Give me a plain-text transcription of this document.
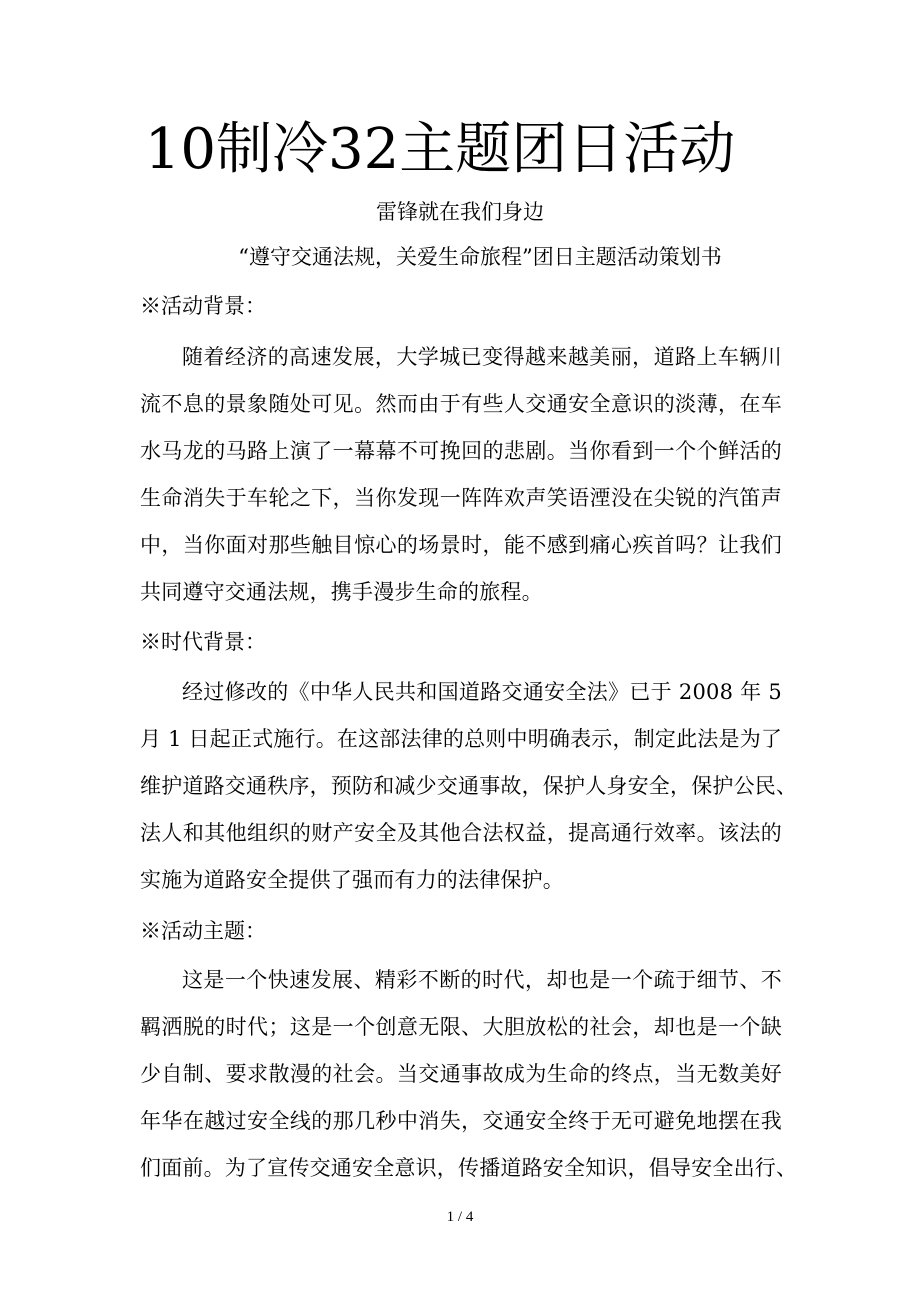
10制冷32主题团日活动

雷锋就在我们身边

“遵守交通法规，关爱生命旅程”团日主题活动策划书

※活动背景：

随着经济的高速发展，大学城已变得越来越美丽，道路上车辆川
流不息的景象随处可见。然而由于有些人交通安全意识的淡薄，在车
水马龙的马路上演了一幕幕不可挽回的悲剧。当你看到一个个鲜活的
生命消失于车轮之下，当你发现一阵阵欢声笑语湮没在尖锐的汽笛声
中，当你面对那些触目惊心的场景时，能不感到痛心疾首吗？让我们
共同遵守交通法规，携手漫步生命的旅程。

※时代背景：

经过修改的《中华人民共和国道路交通安全法》已于 2008 年 5
月 1 日起正式施行。在这部法律的总则中明确表示，制定此法是为了
维护道路交通秩序，预防和减少交通事故，保护人身安全，保护公民、
法人和其他组织的财产安全及其他合法权益，提高通行效率。该法的
实施为道路安全提供了强而有力的法律保护。

※活动主题：

这是一个快速发展、精彩不断的时代，却也是一个疏于细节、不
羁洒脱的时代；这是一个创意无限、大胆放松的社会，却也是一个缺
少自制、要求散漫的社会。当交通事故成为生命的终点，当无数美好
年华在越过安全线的那几秒中消失，交通安全终于无可避免地摆在我
们面前。为了宣传交通安全意识，传播道路安全知识，倡导安全出行、
1 / 4
